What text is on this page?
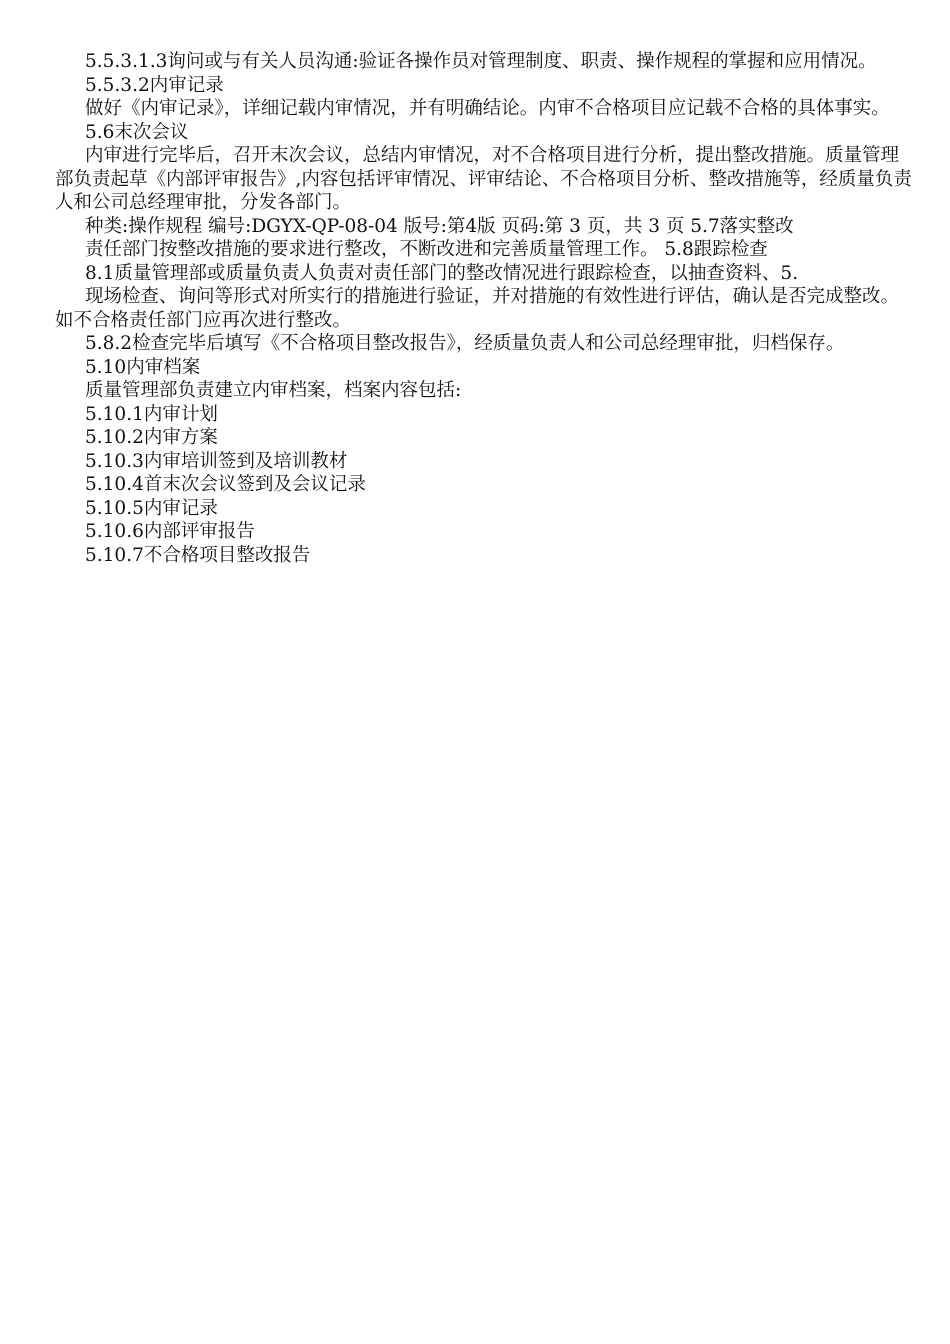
5.5.3.1.3询问或与有关人员沟通:验证各操作员对管理制度、职责、操作规程的掌握和应用情况。

5.5.3.2内审记录

做好《内审记录》，详细记载内审情况，并有明确结论。内审不合格项目应记载不合格的具体事实。

5.6末次会议

内审进行完毕后，召开末次会议，总结内审情况，对不合格项目进行分析，提出整改措施。质量管理部负责起草《内部评审报告》,内容包括评审情况、评审结论、不合格项目分析、整改措施等，经质量负责人和公司总经理审批，分发各部门。

种类:操作规程 编号:DGYX-QP-08-04 版号:第4版 页码:第 3 页，共 3 页 5.7落实整改

责任部门按整改措施的要求进行整改，不断改进和完善质量管理工作。 5.8跟踪检查

8.1质量管理部或质量负责人负责对责任部门的整改情况进行跟踪检查，以抽查资料、5.

现场检查、询问等形式对所实行的措施进行验证，并对措施的有效性进行评估，确认是否完成整改。如不合格责任部门应再次进行整改。

5.8.2检查完毕后填写《不合格项目整改报告》，经质量负责人和公司总经理审批，归档保存。

5.10内审档案

质量管理部负责建立内审档案，档案内容包括:

5.10.1内审计划

5.10.2内审方案

5.10.3内审培训签到及培训教材

5.10.4首末次会议签到及会议记录

5.10.5内审记录

5.10.6内部评审报告

5.10.7不合格项目整改报告
